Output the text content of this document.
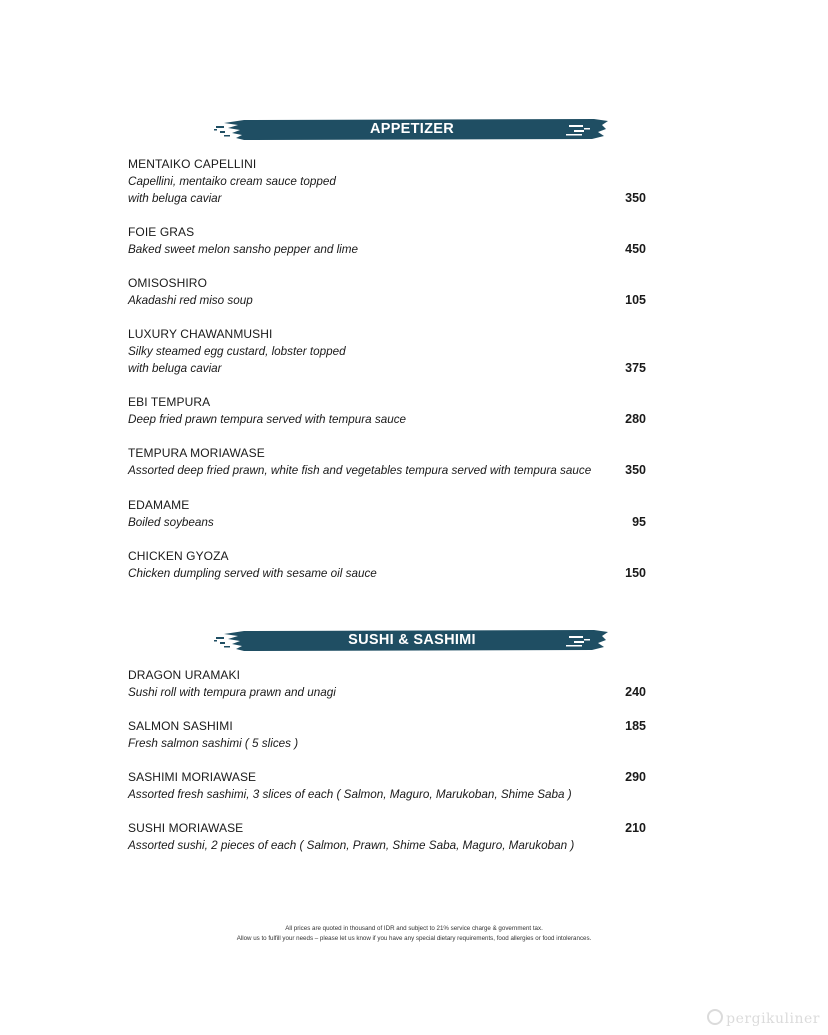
APPETIZER
MENTAIKO CAPELLINI
Capellini, mentaiko cream sauce topped
with beluga caviar	350
FOIE GRAS
Baked sweet melon sansho pepper and lime	450
OMISOSHIRO
Akadashi red miso soup	105
LUXURY CHAWANMUSHI
Silky steamed egg custard, lobster topped
with beluga caviar	375
EBI TEMPURA
Deep fried prawn tempura served with tempura sauce	280
TEMPURA MORIAWASE
Assorted deep fried prawn, white fish and vegetables tempura served with tempura sauce	350
EDAMAME
Boiled soybeans	95
CHICKEN GYOZA
Chicken dumpling served with sesame oil sauce	150
SUSHI & SASHIMI
DRAGON URAMAKI
Sushi roll with tempura prawn and unagi	240
SALMON SASHIMI
Fresh salmon sashimi ( 5 slices )
185
SASHIMI MORIAWASE
Assorted fresh sashimi, 3 slices of each ( Salmon, Maguro, Marukoban, Shime Saba )
290
SUSHI MORIAWASE
Assorted sushi, 2 pieces of each ( Salmon, Prawn, Shime Saba, Maguro, Marukoban )
210
All prices are quoted in thousand of IDR and subject to 21% service charge & government tax.
Allow us to fulfill your needs – please let us know if you have any special dietary requirements, food allergies or food intolerances.
pergikuliner
